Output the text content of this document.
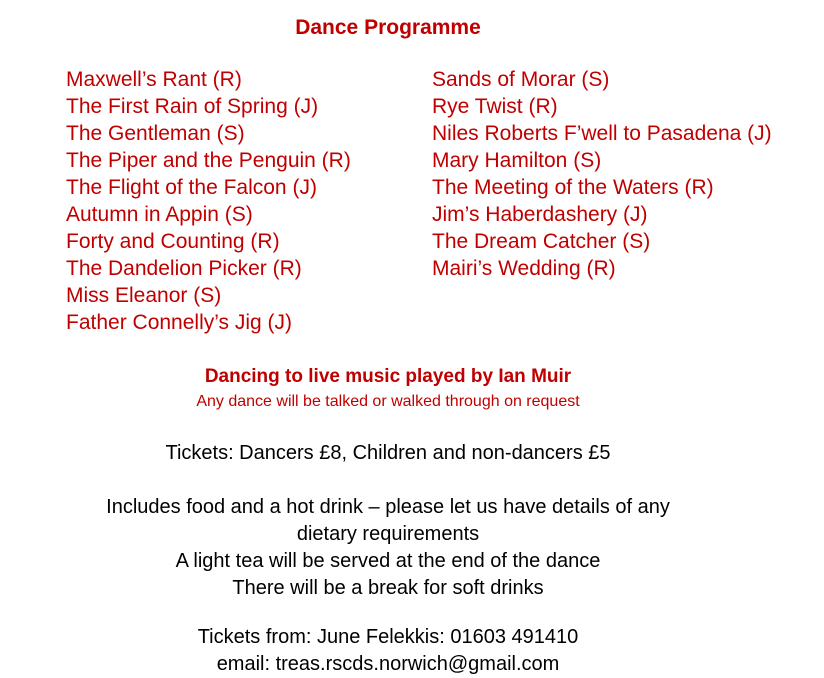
Dance Programme
Maxwell’s Rant (R)
The First Rain of Spring (J)
The Gentleman (S)
The Piper and the Penguin (R)
The Flight of the Falcon (J)
Autumn in Appin (S)
Forty and Counting (R)
The Dandelion Picker (R)
Miss Eleanor (S)
Father Connelly’s Jig (J)
Sands of Morar (S)
Rye Twist (R)
Niles Roberts F’well to Pasadena (J)
Mary Hamilton (S)
The Meeting of the Waters (R)
Jim’s Haberdashery (J)
The Dream Catcher (S)
Mairi’s Wedding (R)
Dancing to live music played by Ian Muir
Any dance will be talked or walked through on request
Tickets: Dancers £8, Children and non-dancers £5
Includes food and a hot drink – please let us have details of any
dietary requirements
A light tea will be served at the end of the dance
There will be a break for soft drinks
Tickets from: June Felekkis: 01603 491410
email: treas.rscds.norwich@gmail.com
